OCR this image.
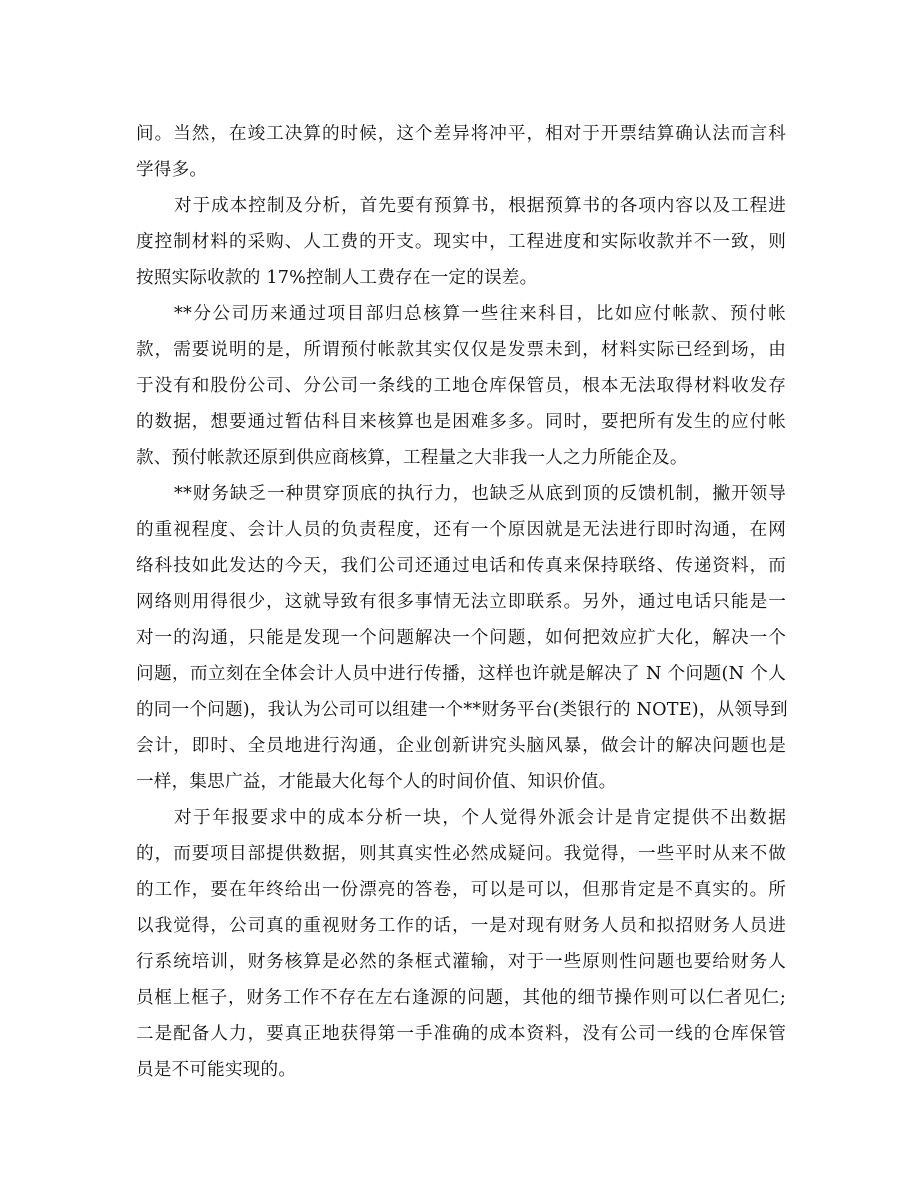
间。当然，在竣工决算的时候，这个差异将冲平，相对于开票结算确认法而言科
学得多。
对于成本控制及分析，首先要有预算书，根据预算书的各项内容以及工程进
度控制材料的采购、人工费的开支。现实中，工程进度和实际收款并不一致，则
按照实际收款的 17%控制人工费存在一定的误差。
**分公司历来通过项目部归总核算一些往来科目，比如应付帐款、预付帐
款，需要说明的是，所谓预付帐款其实仅仅是发票未到，材料实际已经到场，由
于没有和股份公司、分公司一条线的工地仓库保管员，根本无法取得材料收发存
的数据，想要通过暂估科目来核算也是困难多多。同时，要把所有发生的应付帐
款、预付帐款还原到供应商核算，工程量之大非我一人之力所能企及。
**财务缺乏一种贯穿顶底的执行力，也缺乏从底到顶的反馈机制，撇开领导
的重视程度、会计人员的负责程度，还有一个原因就是无法进行即时沟通，在网
络科技如此发达的今天，我们公司还通过电话和传真来保持联络、传递资料，而
网络则用得很少，这就导致有很多事情无法立即联系。另外，通过电话只能是一
对一的沟通，只能是发现一个问题解决一个问题，如何把效应扩大化，解决一个
问题，而立刻在全体会计人员中进行传播，这样也许就是解决了 N 个问题(N 个人
的同一个问题)，我认为公司可以组建一个**财务平台(类银行的 NOTE)，从领导到
会计，即时、全员地进行沟通，企业创新讲究头脑风暴，做会计的解决问题也是
一样，集思广益，才能最大化每个人的时间价值、知识价值。
对于年报要求中的成本分析一块，个人觉得外派会计是肯定提供不出数据
的，而要项目部提供数据，则其真实性必然成疑问。我觉得，一些平时从来不做
的工作，要在年终给出一份漂亮的答卷，可以是可以，但那肯定是不真实的。所
以我觉得，公司真的重视财务工作的话，一是对现有财务人员和拟招财务人员进
行系统培训，财务核算是必然的条框式灌输，对于一些原则性问题也要给财务人
员框上框子，财务工作不存在左右逢源的问题，其他的细节操作则可以仁者见仁;
二是配备人力，要真正地获得第一手准确的成本资料，没有公司一线的仓库保管
员是不可能实现的。
